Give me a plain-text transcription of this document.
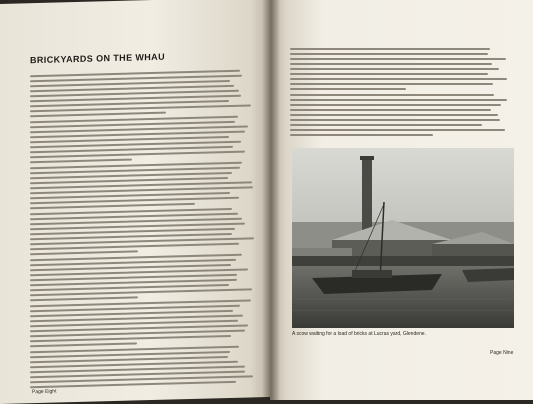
BRICKYARDS ON THE WHAU
Page Eight
A scow waiting for a load of bricks at Lucras yard, Glendene.
Page Nine
